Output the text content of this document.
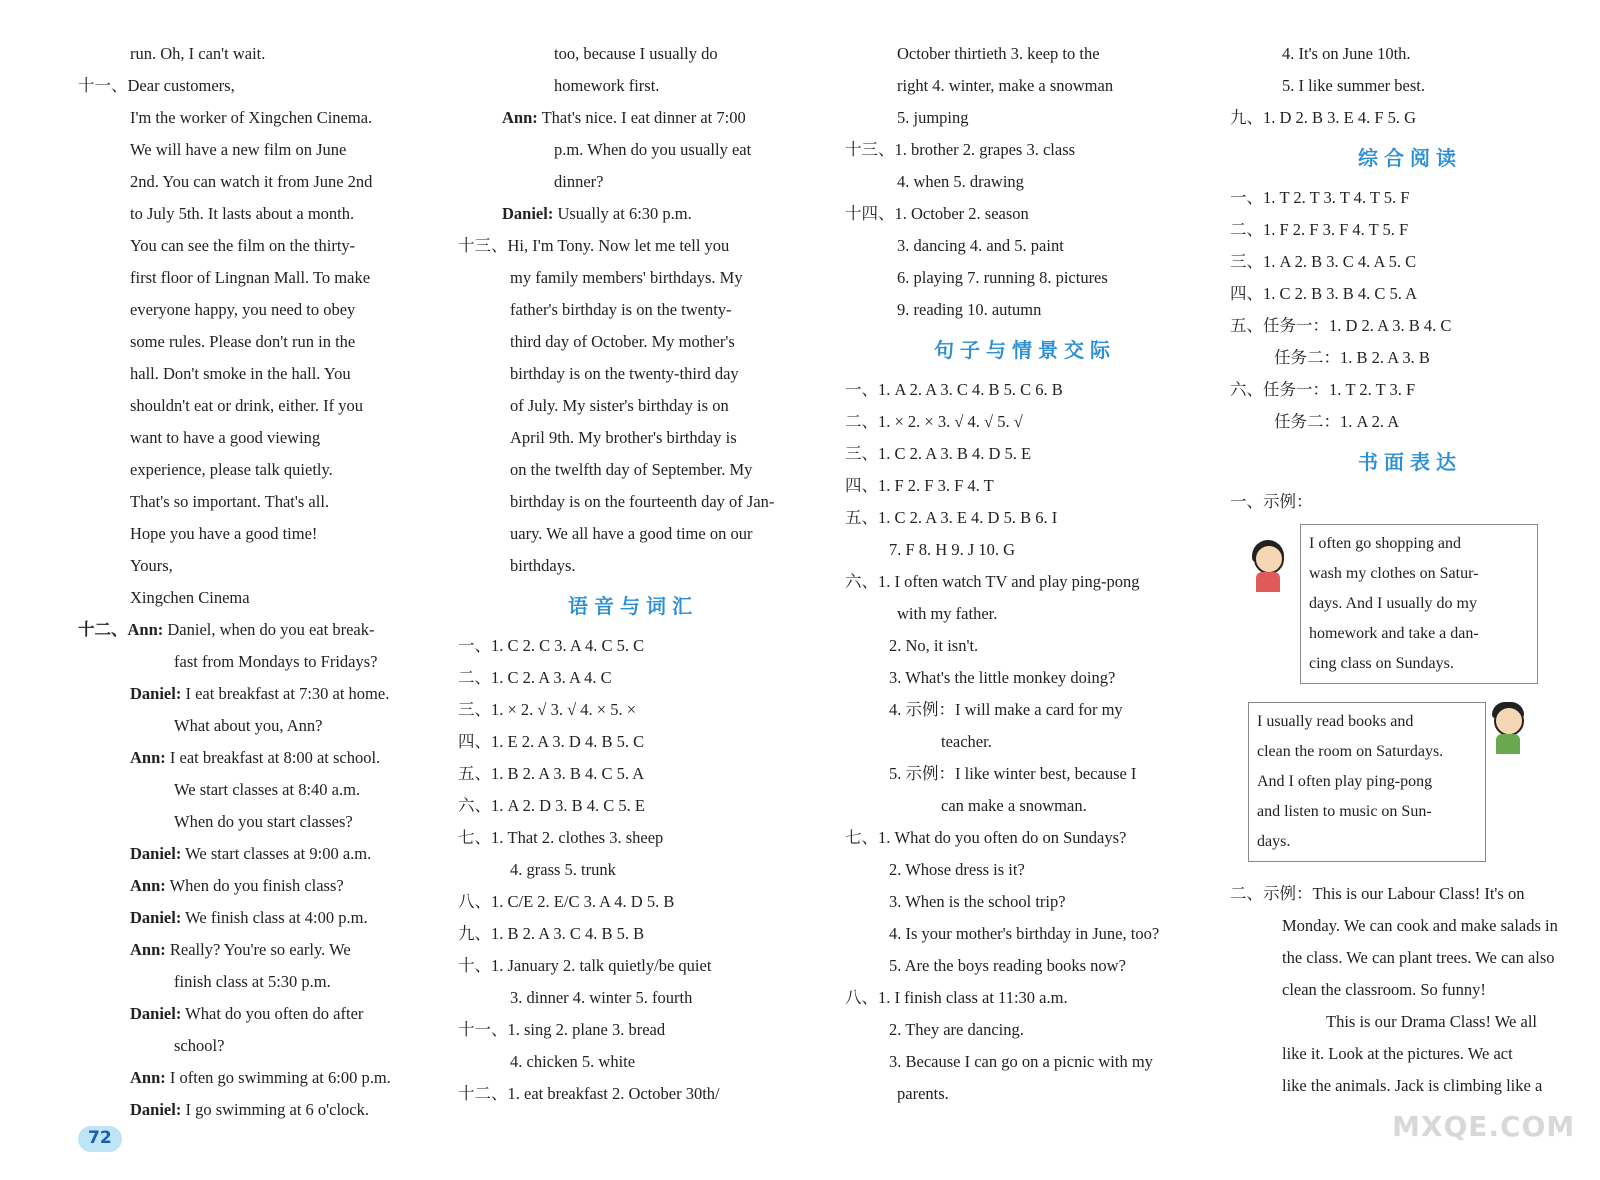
run. Oh, I can't wait.
十一、Dear customers,
I'm the worker of Xingchen Cinema.
We will have a new film on June
2nd. You can watch it from June 2nd
to July 5th. It lasts about a month.
You can see the film on the thirty-
first floor of Lingnan Mall. To make
everyone happy, you need to obey
some rules. Please don't run in the
hall. Don't smoke in the hall. You
shouldn't eat or drink, either. If you
want to have a good viewing
experience, please talk quietly.
That's so important. That's all.
Hope you have a good time!
Yours,
Xingchen Cinema
十二、Ann: Daniel, when do you eat break-
fast from Mondays to Fridays?
Daniel: I eat breakfast at 7:30 at home.
What about you, Ann?
Ann: I eat breakfast at 8:00 at school.
We start classes at 8:40 a.m.
When do you start classes?
Daniel: We start classes at 9:00 a.m.
Ann: When do you finish class?
Daniel: We finish class at 4:00 p.m.
Ann: Really? You're so early. We
finish class at 5:30 p.m.
Daniel: What do you often do after
school?
Ann: I often go swimming at 6:00 p.m.
Daniel: I go swimming at 6 o'clock.
too, because I usually do
homework first.
Ann: That's nice. I eat dinner at 7:00
p.m. When do you usually eat
dinner?
Daniel: Usually at 6:30 p.m.
十三、Hi, I'm Tony. Now let me tell you
my family members' birthdays. My
father's birthday is on the twenty-
third day of October. My mother's
birthday is on the twenty-third day
of July. My sister's birthday is on
April 9th. My brother's birthday is
on the twelfth day of September. My
birthday is on the fourteenth day of Jan-
uary. We all have a good time on our
birthdays.
语音与词汇
一、1. C 2. C 3. A 4. C 5. C
二、1. C 2. A 3. A 4. C
三、1. × 2. √ 3. √ 4. × 5. ×
四、1. E 2. A 3. D 4. B 5. C
五、1. B 2. A 3. B 4. C 5. A
六、1. A 2. D 3. B 4. C 5. E
七、1. That 2. clothes 3. sheep
4. grass 5. trunk
八、1. C/E 2. E/C 3. A 4. D 5. B
九、1. B 2. A 3. C 4. B 5. B
十、1. January 2. talk quietly/be quiet
3. dinner 4. winter 5. fourth
十一、1. sing 2. plane 3. bread
4. chicken 5. white
十二、1. eat breakfast 2. October 30th/
October thirtieth 3. keep to the
right 4. winter, make a snowman
5. jumping
十三、1. brother 2. grapes 3. class
4. when 5. drawing
十四、1. October 2. season
3. dancing 4. and 5. paint
6. playing 7. running 8. pictures
9. reading 10. autumn
句子与情景交际
一、1. A 2. A 3. C 4. B 5. C 6. B
二、1. × 2. × 3. √ 4. √ 5. √
三、1. C 2. A 3. B 4. D 5. E
四、1. F 2. F 3. F 4. T
五、1. C 2. A 3. E 4. D 5. B 6. I
7. F 8. H 9. J 10. G
六、1. I often watch TV and play ping-pong
with my father.
2. No, it isn't.
3. What's the little monkey doing?
4. 示例：I will make a card for my
teacher.
5. 示例：I like winter best, because I
can make a snowman.
七、1. What do you often do on Sundays?
2. Whose dress is it?
3. When is the school trip?
4. Is your mother's birthday in June, too?
5. Are the boys reading books now?
八、1. I finish class at 11:30 a.m.
2. They are dancing.
3. Because I can go on a picnic with my
parents.
4. It's on June 10th.
5. I like summer best.
九、1. D 2. B 3. E 4. F 5. G
综合阅读
一、1. T 2. T 3. T 4. T 5. F
二、1. F 2. F 3. F 4. T 5. F
三、1. A 2. B 3. C 4. A 5. C
四、1. C 2. B 3. B 4. C 5. A
五、任务一：1. D 2. A 3. B 4. C
任务二：1. B 2. A 3. B
六、任务一：1. T 2. T 3. F
任务二：1. A 2. A
书面表达
一、示例：
I often go shopping and
wash my clothes on Satur-
days. And I usually do my
homework and take a dan-
cing class on Sundays.
I usually read books and
clean the room on Saturdays.
And I often play ping-pong
and listen to music on Sun-
days.
二、示例：This is our Labour Class! It's on
Monday. We can cook and make salads in
the class. We can plant trees. We can also
clean the classroom. So funny!
This is our Drama Class! We all
like it. Look at the pictures. We act
like the animals. Jack is climbing like a
72	MXQE.COM
